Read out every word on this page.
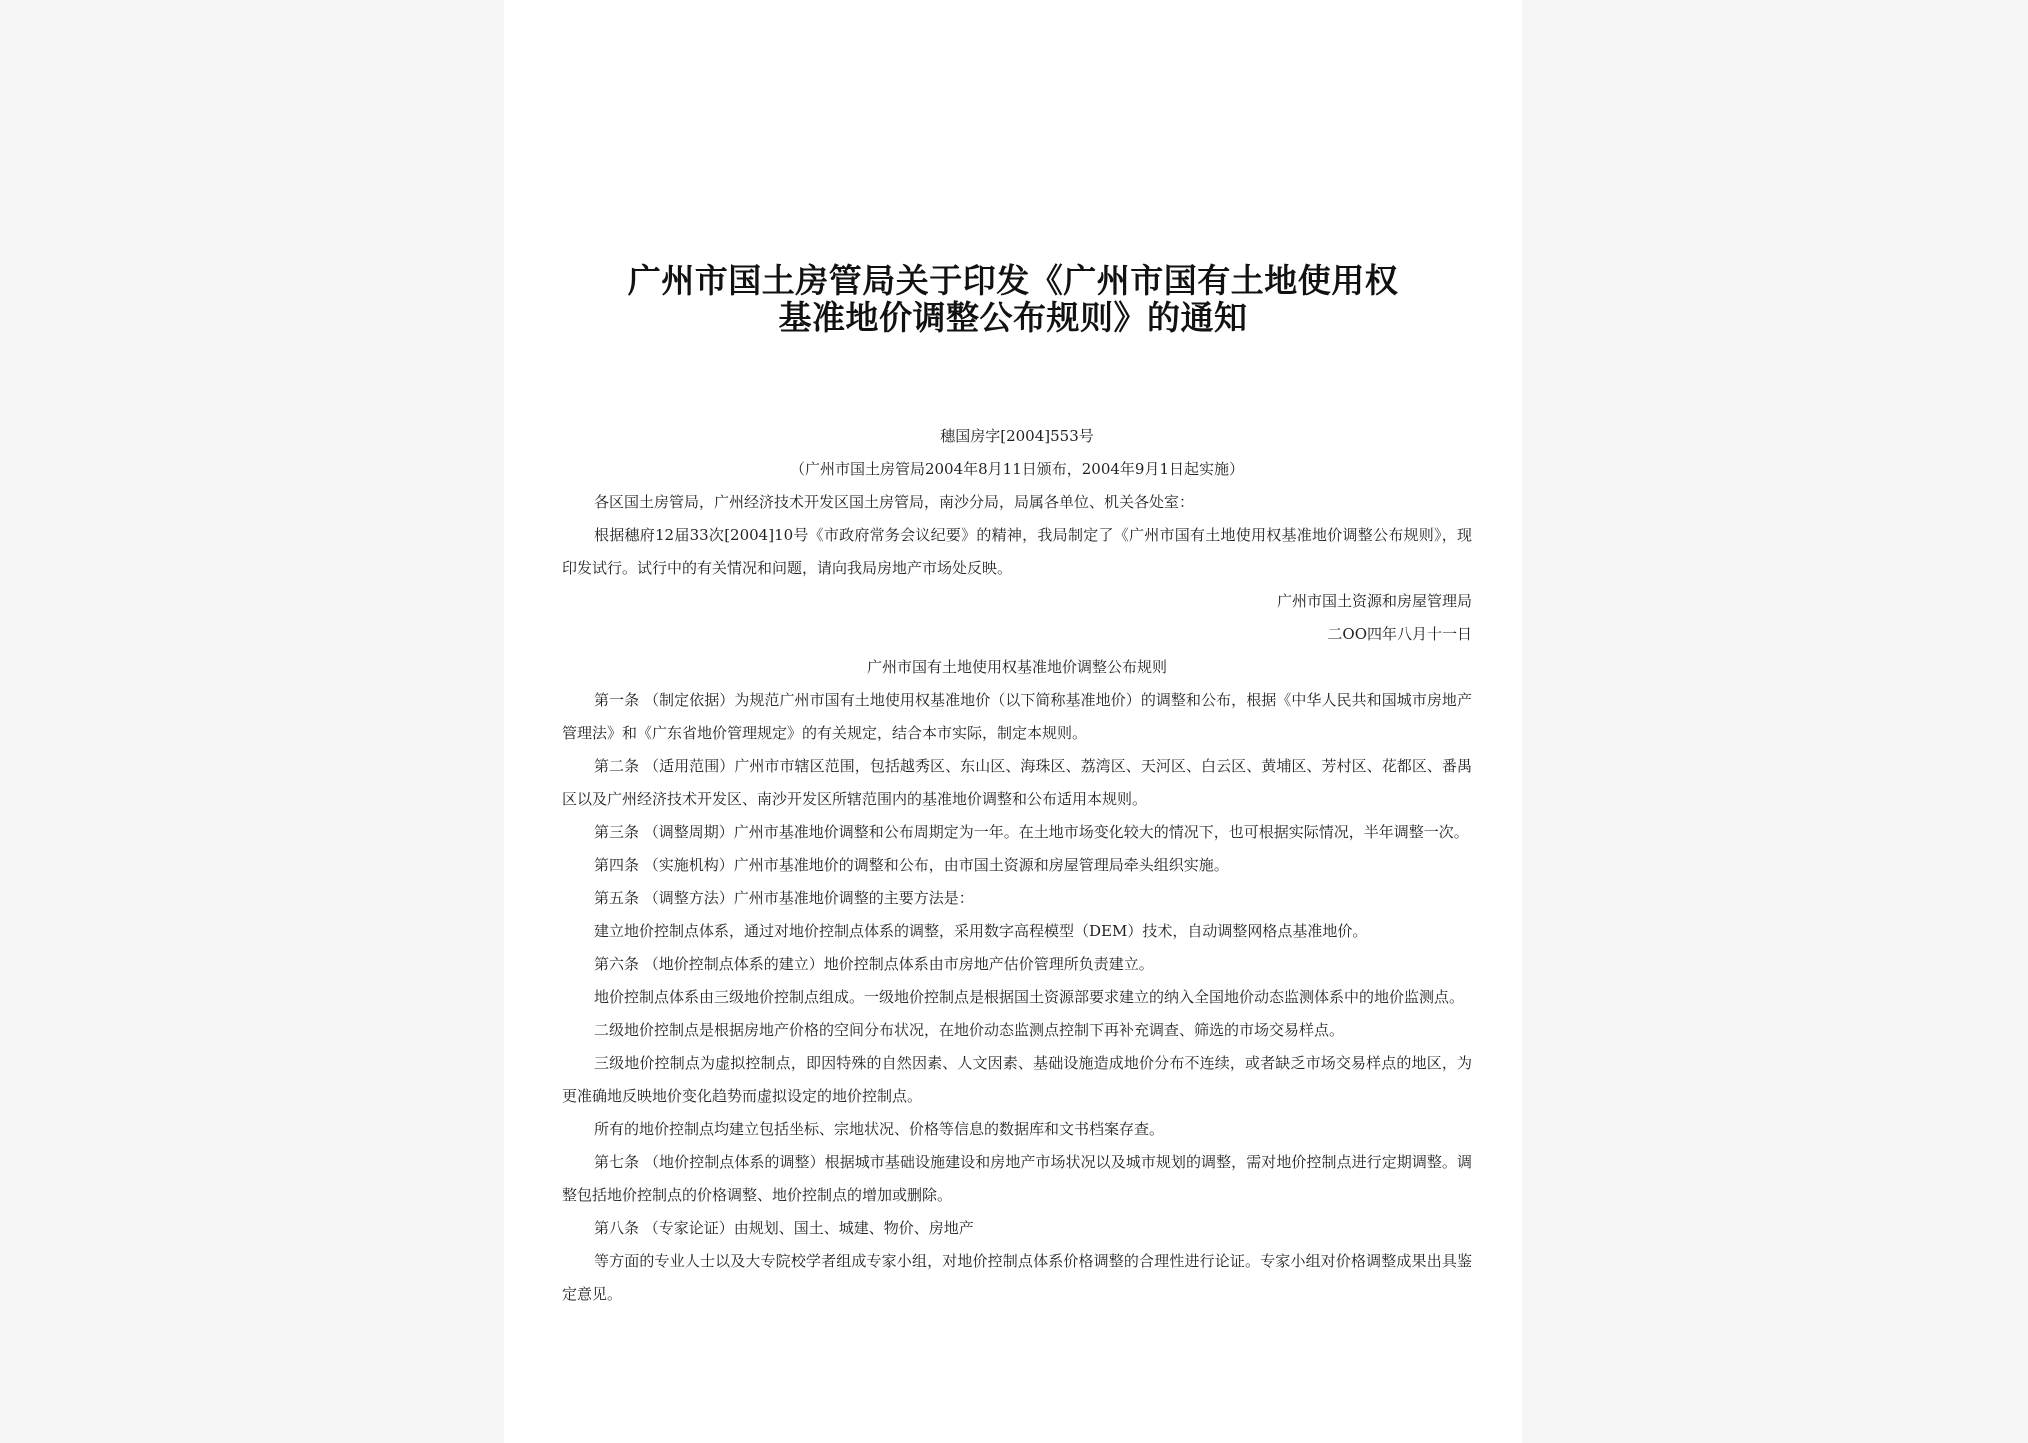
广州市国土房管局关于印发《广州市国有土地使用权
基准地价调整公布规则》的通知
穗国房字[2004]553号
（广州市国土房管局2004年8月11日颁布，2004年9月1日起实施）
各区国土房管局，广州经济技术开发区国土房管局，南沙分局，局属各单位、机关各处室：
根据穗府12届33次[2004]10号《市政府常务会议纪要》的精神，我局制定了《广州市国有土地使用权基准地价调整公布规则》，现印发试行。试行中的有关情况和问题，请向我局房地产市场处反映。
广州市国土资源和房屋管理局
二OO四年八月十一日
广州市国有土地使用权基准地价调整公布规则
第一条 （制定依据）为规范广州市国有土地使用权基准地价（以下简称基准地价）的调整和公布，根据《中华人民共和国城市房地产管理法》和《广东省地价管理规定》的有关规定，结合本市实际，制定本规则。
第二条 （适用范围）广州市市辖区范围，包括越秀区、东山区、海珠区、荔湾区、天河区、白云区、黄埔区、芳村区、花都区、番禺区以及广州经济技术开发区、南沙开发区所辖范围内的基准地价调整和公布适用本规则。
第三条 （调整周期）广州市基准地价调整和公布周期定为一年。在土地市场变化较大的情况下，也可根据实际情况，半年调整一次。
第四条 （实施机构）广州市基准地价的调整和公布，由市国土资源和房屋管理局牵头组织实施。
第五条 （调整方法）广州市基准地价调整的主要方法是：
建立地价控制点体系，通过对地价控制点体系的调整，采用数字高程模型（DEM）技术，自动调整网格点基准地价。
第六条 （地价控制点体系的建立）地价控制点体系由市房地产估价管理所负责建立。
地价控制点体系由三级地价控制点组成。一级地价控制点是根据国土资源部要求建立的纳入全国地价动态监测体系中的地价监测点。
二级地价控制点是根据房地产价格的空间分布状况，在地价动态监测点控制下再补充调查、筛选的市场交易样点。
三级地价控制点为虚拟控制点，即因特殊的自然因素、人文因素、基础设施造成地价分布不连续，或者缺乏市场交易样点的地区，为更准确地反映地价变化趋势而虚拟设定的地价控制点。
所有的地价控制点均建立包括坐标、宗地状况、价格等信息的数据库和文书档案存查。
第七条 （地价控制点体系的调整）根据城市基础设施建设和房地产市场状况以及城市规划的调整，需对地价控制点进行定期调整。调整包括地价控制点的价格调整、地价控制点的增加或删除。
第八条 （专家论证）由规划、国土、城建、物价、房地产
等方面的专业人士以及大专院校学者组成专家小组，对地价控制点体系价格调整的合理性进行论证。专家小组对价格调整成果出具鉴定意见。
